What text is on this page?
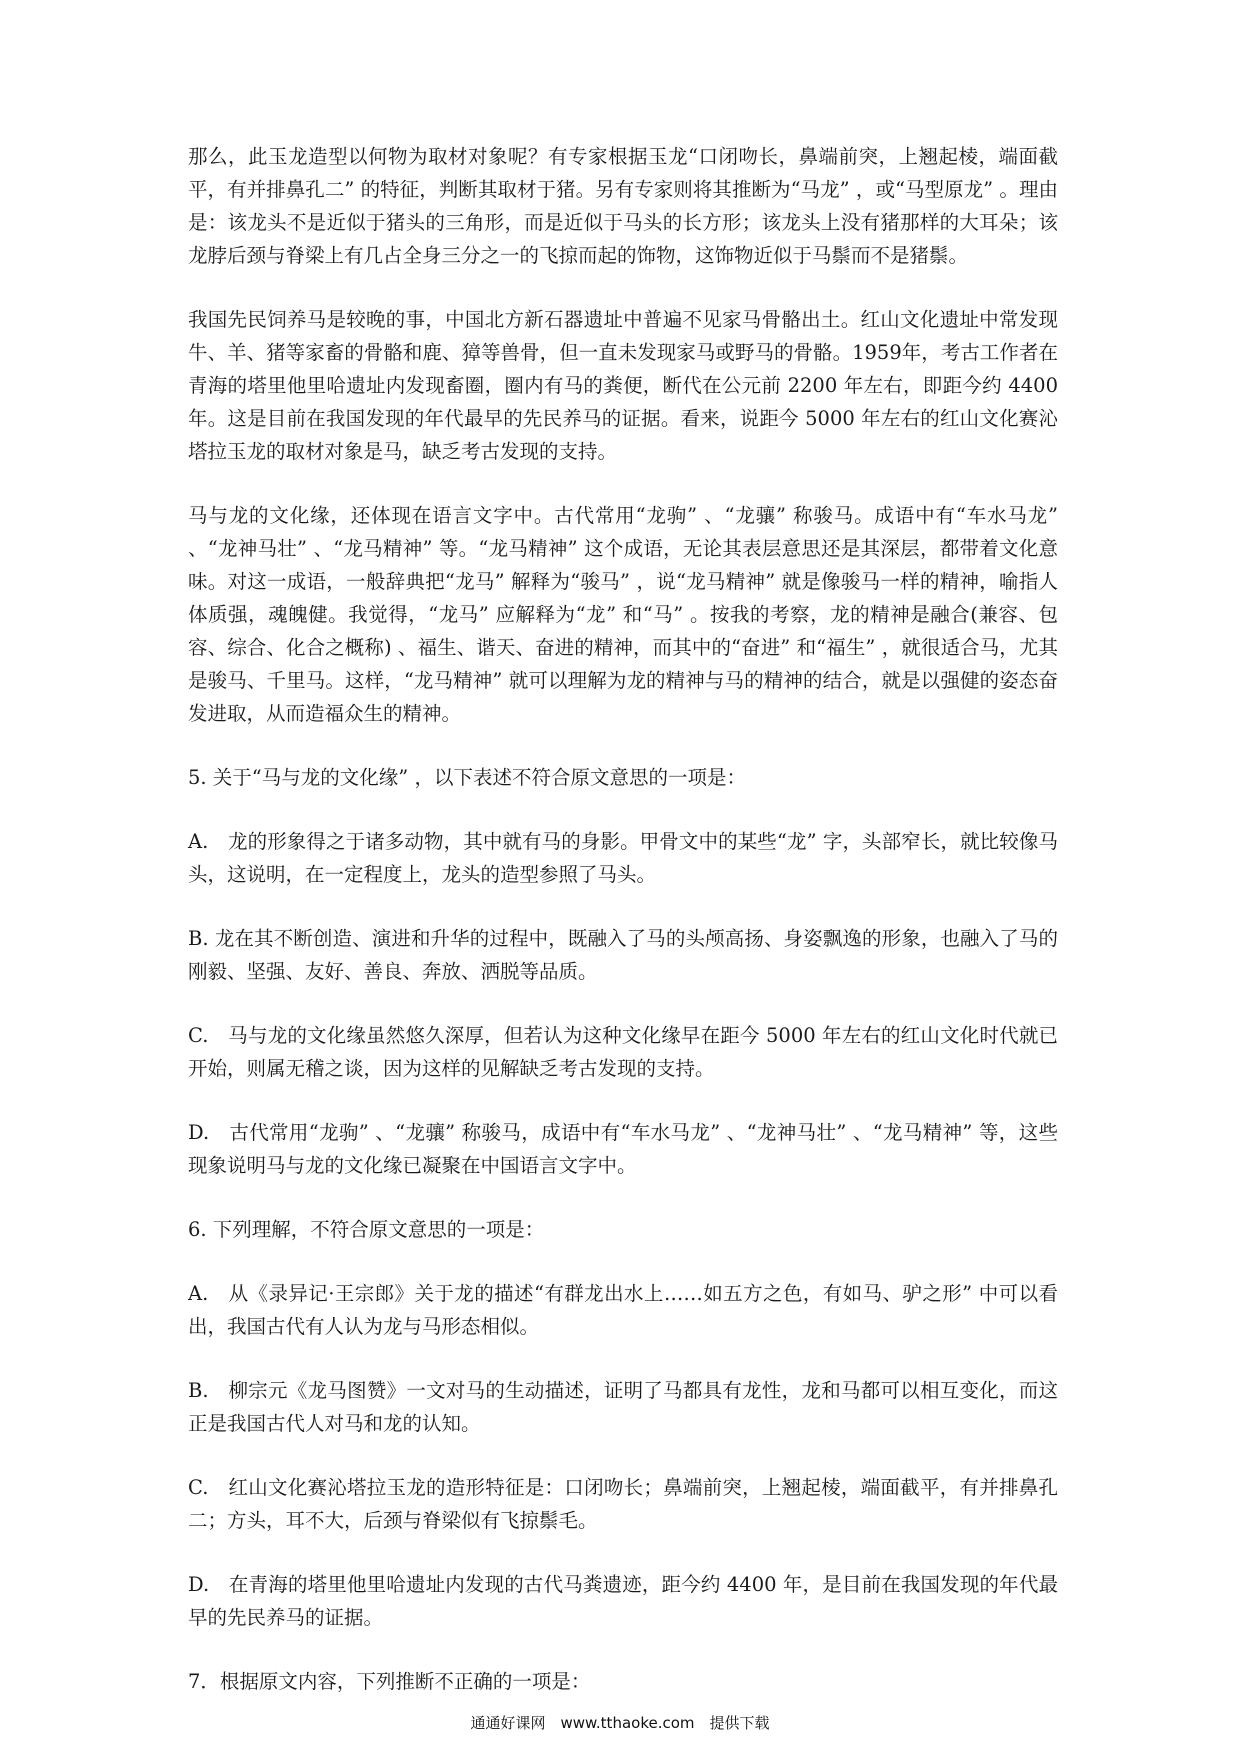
那么，此玉龙造型以何物为取材对象呢？有专家根据玉龙“口闭吻长，鼻端前突，上翘起棱，端面截平，有并排鼻孔二” 的特征，判断其取材于猪。另有专家则将其推断为“马龙” ，或“马型原龙” 。理由是：该龙头不是近似于猪头的三角形，而是近似于马头的长方形；该龙头上没有猪那样的大耳朵；该龙脖后颈与脊梁上有几占全身三分之一的飞掠而起的饰物，这饰物近似于马鬃而不是猪鬃。

我国先民饲养马是较晚的事，中国北方新石器遗址中普遍不见家马骨骼出土。红山文化遗址中常发现牛、羊、猪等家畜的骨骼和鹿、獐等兽骨，但一直未发现家马或野马的骨骼。1959年，考古工作者在青海的塔里他里哈遗址内发现畜圈，圈内有马的粪便，断代在公元前 2200 年左右，即距今约 4400 年。这是目前在我国发现的年代最早的先民养马的证据。看来，说距今 5000 年左右的红山文化赛沁塔拉玉龙的取材对象是马，缺乏考古发现的支持。

马与龙的文化缘，还体现在语言文字中。古代常用“龙驹” 、“龙骧” 称骏马。成语中有“车水马龙” 、“龙神马壮” 、“龙马精神” 等。“龙马精神” 这个成语，无论其表层意思还是其深层，都带着文化意味。对这一成语，一般辞典把“龙马” 解释为“骏马” ，说“龙马精神” 就是像骏马一样的精神，喻指人体质强，魂魄健。我觉得，“龙马” 应解释为“龙” 和“马” 。按我的考察，龙的精神是融合(兼容、包容、综合、化合之概称) 、福生、谐天、奋进的精神，而其中的“奋进” 和“福生” ，就很适合马，尤其是骏马、千里马。这样，“龙马精神” 就可以理解为龙的精神与马的精神的结合，就是以强健的姿态奋发进取，从而造福众生的精神。

5. 关于“马与龙的文化缘” ，以下表述不符合原文意思的一项是：

A.　龙的形象得之于诸多动物，其中就有马的身影。甲骨文中的某些“龙” 字，头部窄长，就比较像马头，这说明，在一定程度上，龙头的造型参照了马头。

B. 龙在其不断创造、演进和升华的过程中，既融入了马的头颅高扬、身姿飘逸的形象，也融入了马的刚毅、坚强、友好、善良、奔放、洒脱等品质。

C.　马与龙的文化缘虽然悠久深厚，但若认为这种文化缘早在距今 5000 年左右的红山文化时代就已开始，则属无稽之谈，因为这样的见解缺乏考古发现的支持。

D.　古代常用“龙驹” 、“龙骧” 称骏马，成语中有“车水马龙” 、“龙神马壮” 、“龙马精神” 等，这些现象说明马与龙的文化缘已凝聚在中国语言文字中。

6. 下列理解，不符合原文意思的一项是：

A.　从《录异记·王宗郎》关于龙的描述“有群龙出水上……如五方之色，有如马、驴之形” 中可以看出，我国古代有人认为龙与马形态相似。

B.　柳宗元《龙马图赞》一文对马的生动描述，证明了马都具有龙性，龙和马都可以相互变化，而这正是我国古代人对马和龙的认知。

C.　红山文化赛沁塔拉玉龙的造形特征是：口闭吻长；鼻端前突，上翘起棱，端面截平，有并排鼻孔二；方头，耳不大，后颈与脊梁似有飞掠鬃毛。

D.　在青海的塔里他里哈遗址内发现的古代马粪遗迹，距今约 4400 年，是目前在我国发现的年代最早的先民养马的证据。

7．根据原文内容，下列推断不正确的一项是：

通通好课网　www.tthaoke.com　提供下载
